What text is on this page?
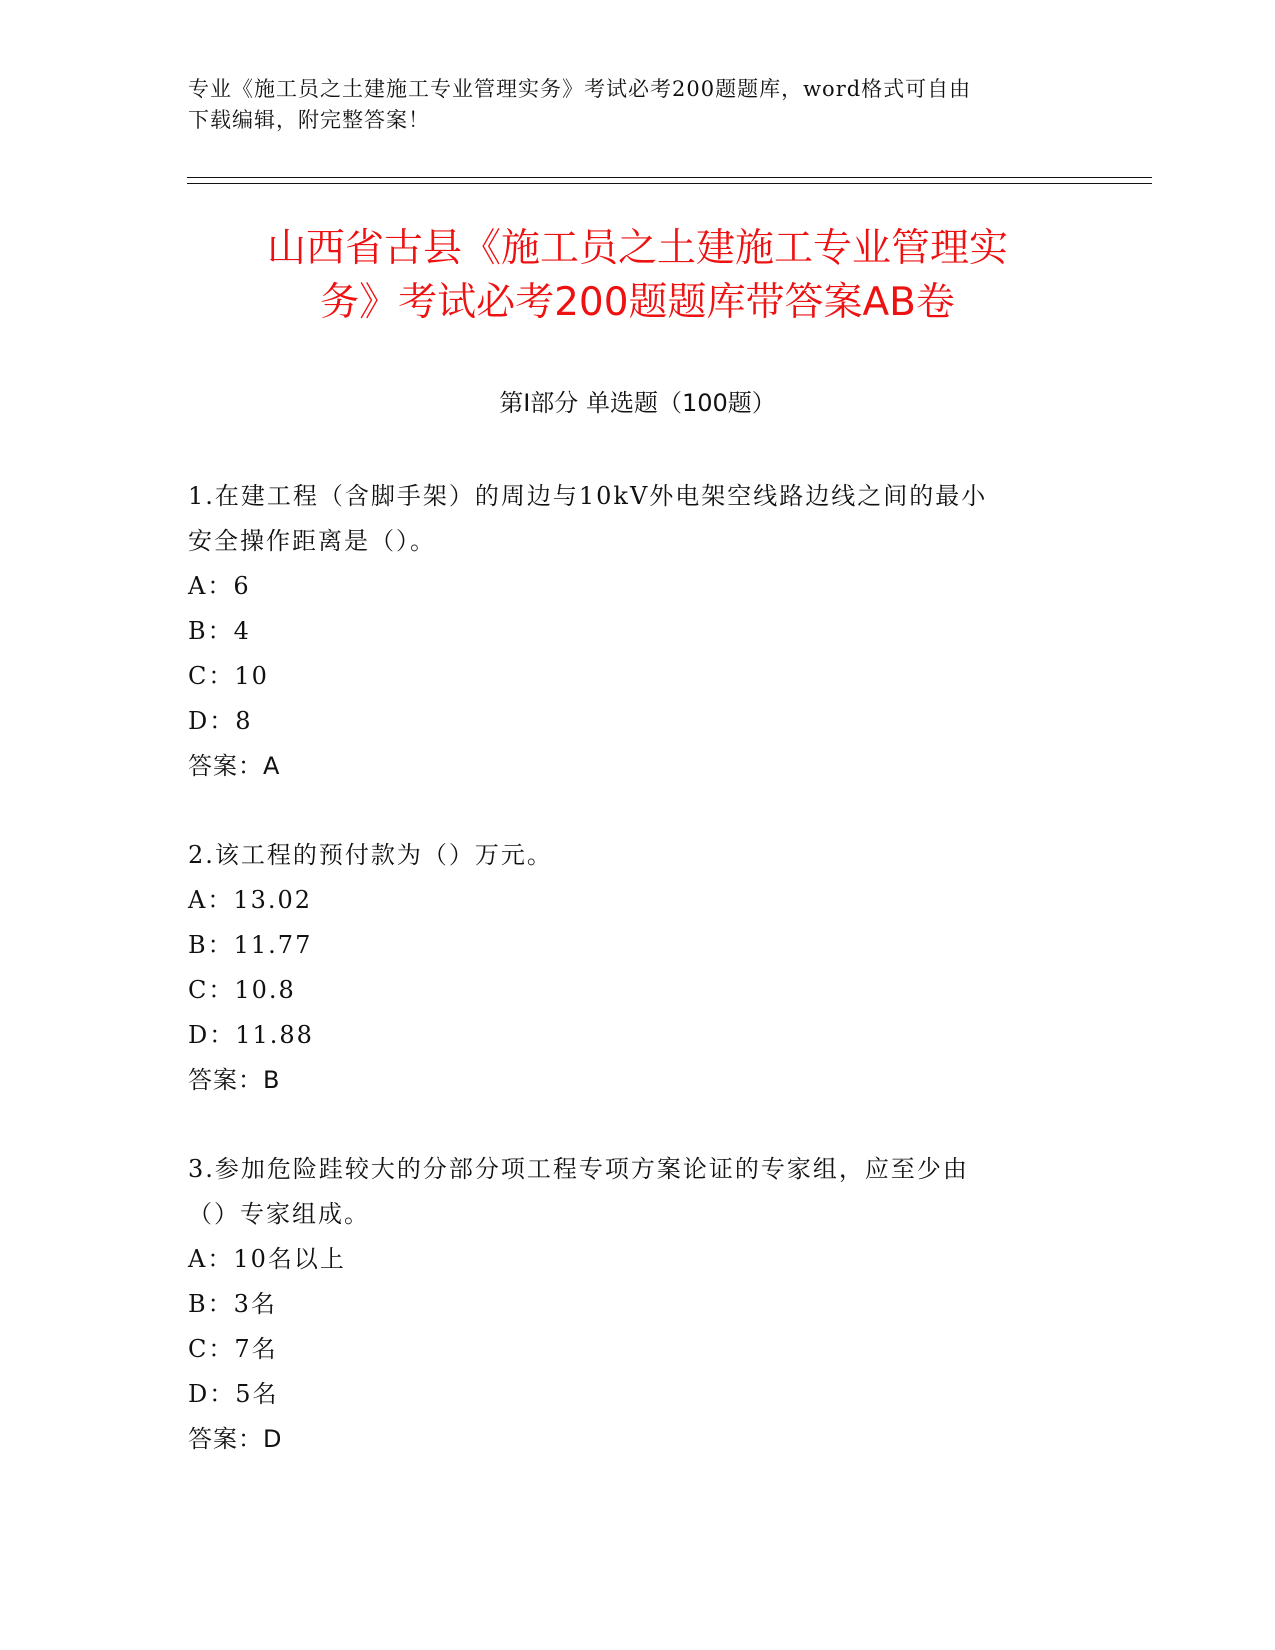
专业《施工员之土建施工专业管理实务》考试必考200题题库，word格式可自由
下载编辑，附完整答案！
山西省古县《施工员之土建施工专业管理实
务》考试必考200题题库带答案AB卷
第Ⅰ部分 单选题（100题）
1.在建工程（含脚手架）的周边与10kV外电架空线路边线之间的最小
安全操作距离是（）。
A：6
B：4
C：10
D：8
答案：A
2.该工程的预付款为（）万元。
A：13.02
B：11.77
C：10.8
D：11.88
答案：B
3.参加危险跬较大的分部分项工程专项方案论证的专家组，应至少由
（）专家组成。
A：10名以上
B：3名
C：7名
D：5名
答案：D
